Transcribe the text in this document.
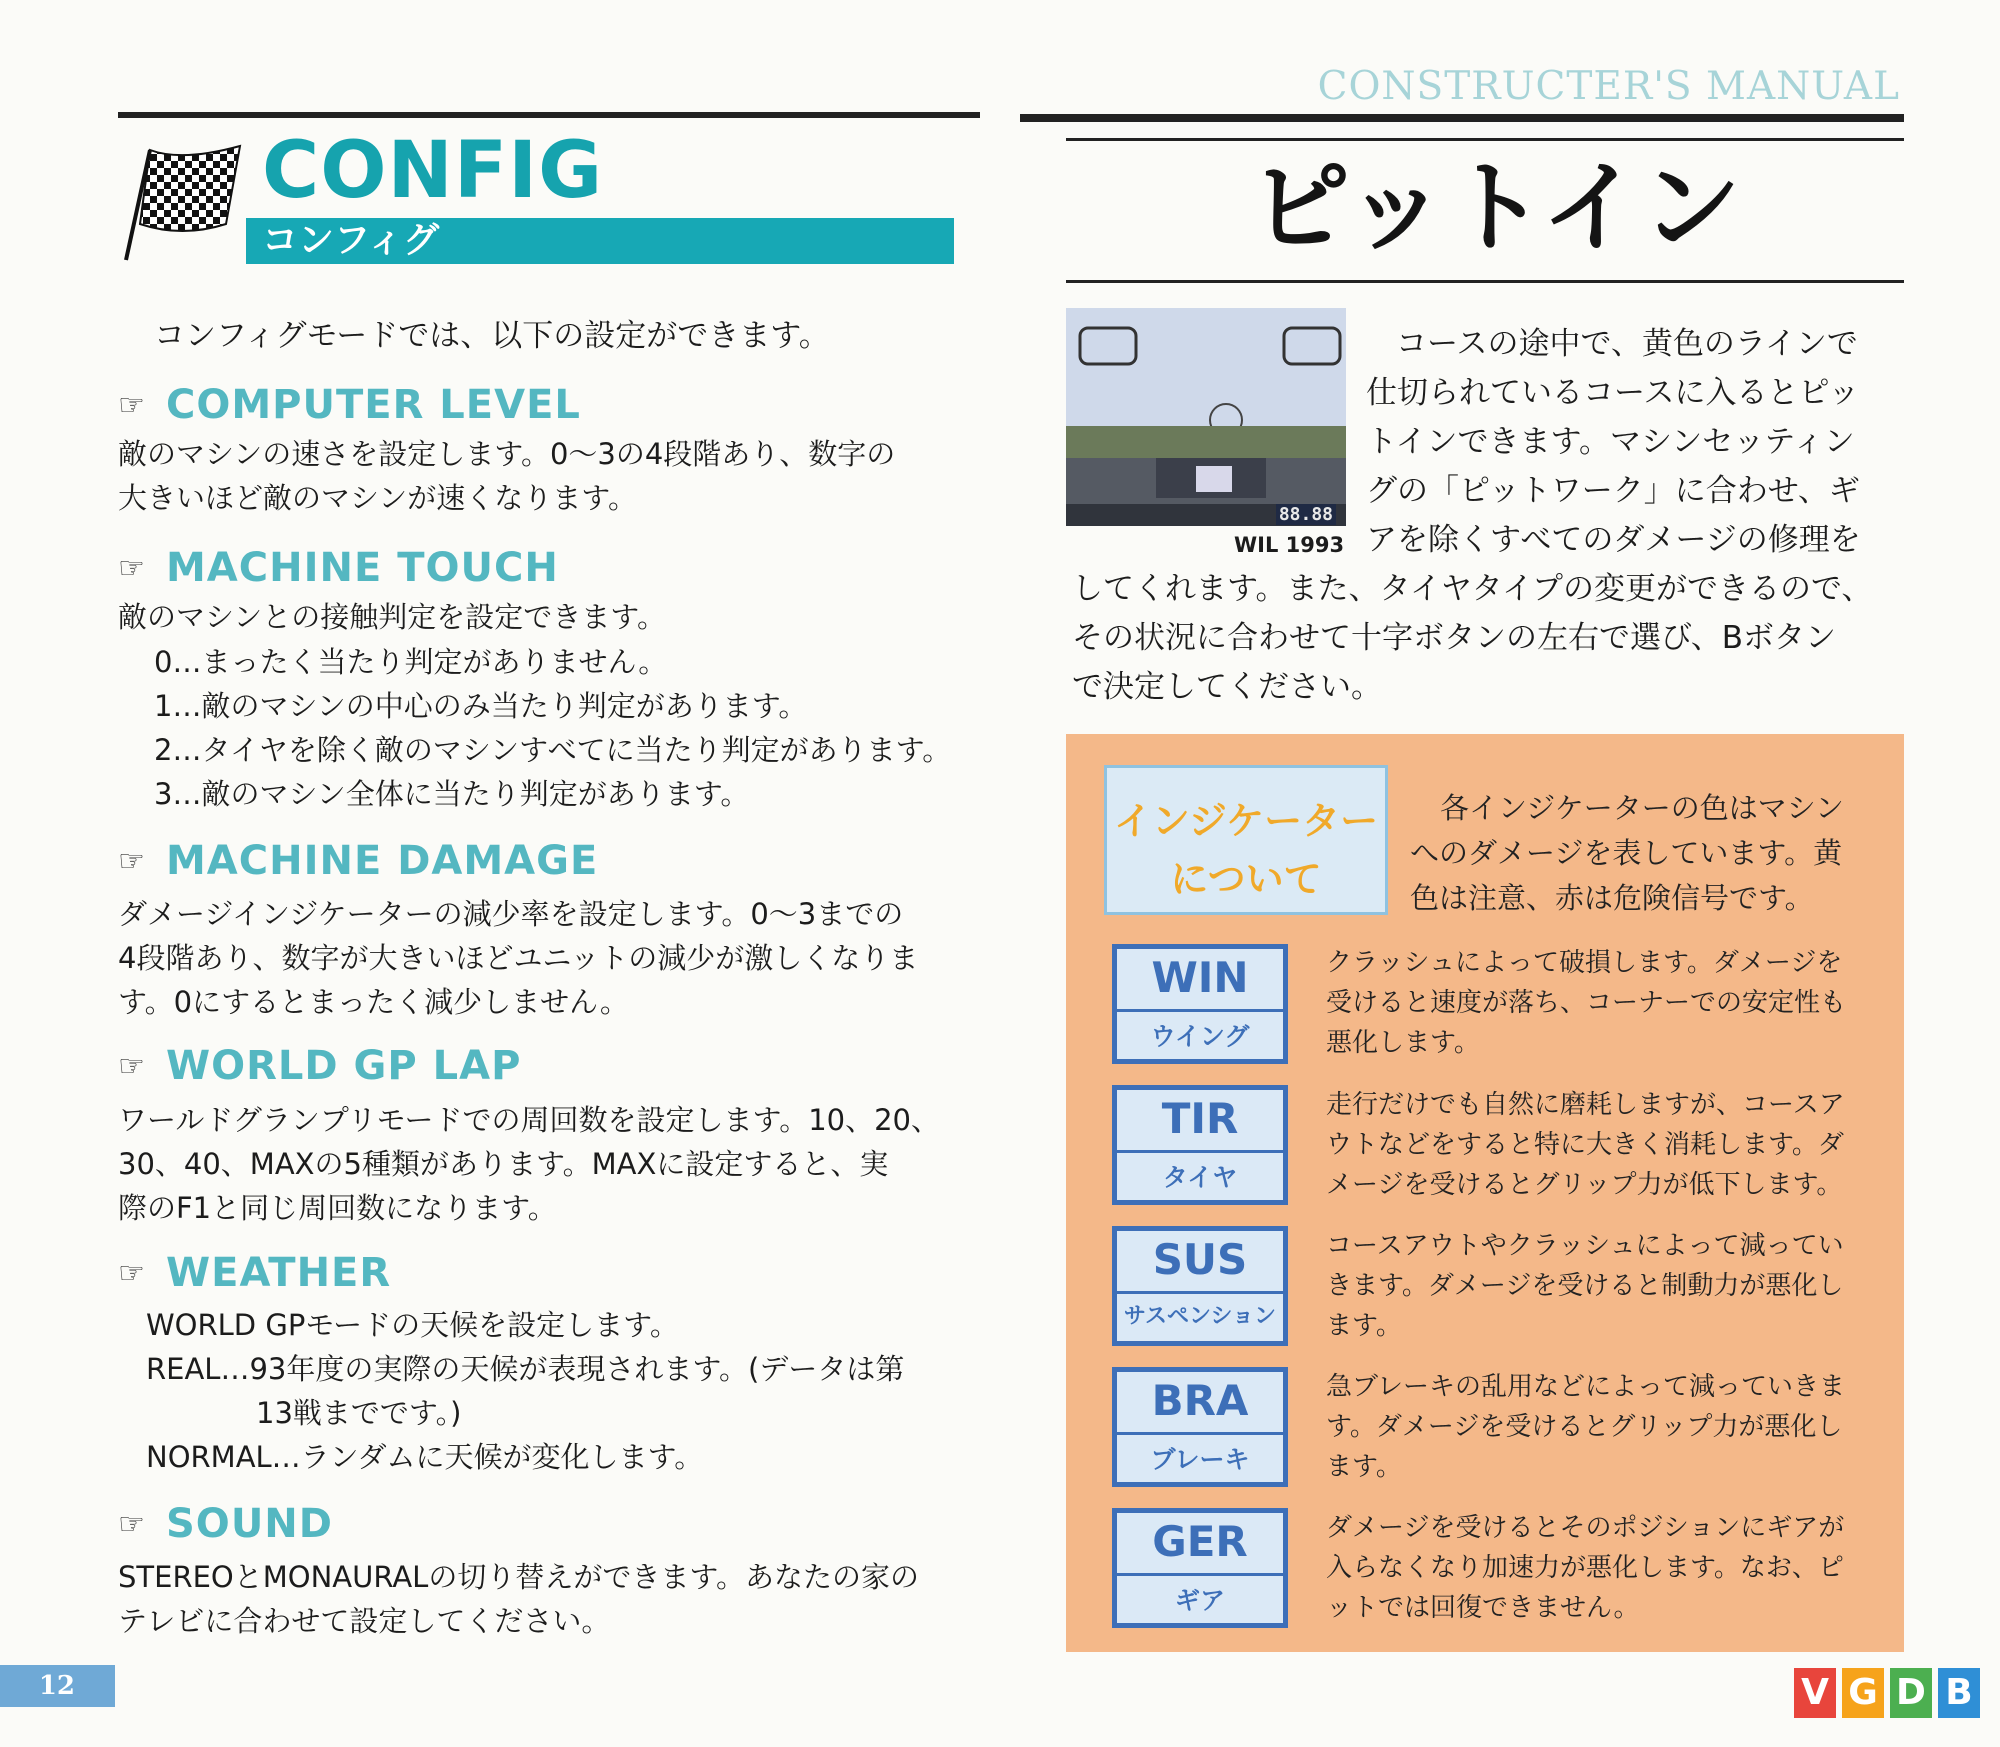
CONSTRUCTER'S MANUAL
CONFIG
コンフィグ
コンフィグモードでは、以下の設定ができます。
☞ COMPUTER LEVEL
敵のマシンの速さを設定します。0～3の4段階あり、数字の
大きいほど敵のマシンが速くなります。
☞ MACHINE TOUCH
敵のマシンとの接触判定を設定できます。
0…まったく当たり判定がありません。
1…敵のマシンの中心のみ当たり判定があります。
2…タイヤを除く敵のマシンすべてに当たり判定があります。
3…敵のマシン全体に当たり判定があります。
☞ MACHINE DAMAGE
ダメージインジケーターの減少率を設定します。0～3までの
4段階あり、数字が大きいほどユニットの減少が激しくなりま
す。0にするとまったく減少しません。
☞ WORLD GP LAP
ワールドグランプリモードでの周回数を設定します。10、20、
30、40、MAXの5種類があります。MAXに設定すると、実
際のF1と同じ周回数になります。
☞ WEATHER
WORLD GPモードの天候を設定します。
REAL…93年度の実際の天候が表現されます。(データは第
13戦までです。)
NORMAL…ランダムに天候が変化します。
☞ SOUND
STEREOとMONAURALの切り替えができます。あなたの家の
テレビに合わせて設定してください。
12
ピットイン
88.88
WIL 1993
コースの途中で、黄色のラインで
仕切られているコースに入るとピッ
トインできます。マシンセッティン
グの「ピットワーク」に合わせ、ギ
アを除くすべてのダメージの修理を
してくれます。また、タイヤタイプの変更ができるので、
その状況に合わせて十字ボタンの左右で選び、Bボタン
で決定してください。
インジケーター
について
各インジケーターの色はマシン
へのダメージを表しています。黄
色は注意、赤は危険信号です。
WIN
ウイング
クラッシュによって破損します。ダメージを
受けると速度が落ち、コーナーでの安定性も
悪化します。
TIR
タイヤ
走行だけでも自然に磨耗しますが、コースア
ウトなどをすると特に大きく消耗します。ダ
メージを受けるとグリップ力が低下します。
SUS
サスペンション
コースアウトやクラッシュによって減ってい
きます。ダメージを受けると制動力が悪化し
ます。
BRA
ブレーキ
急ブレーキの乱用などによって減っていきま
す。ダメージを受けるとグリップ力が悪化し
ます。
GER
ギア
ダメージを受けるとそのポジションにギアが
入らなくなり加速力が悪化します。なお、ピ
ットでは回復できません。
V G D B
